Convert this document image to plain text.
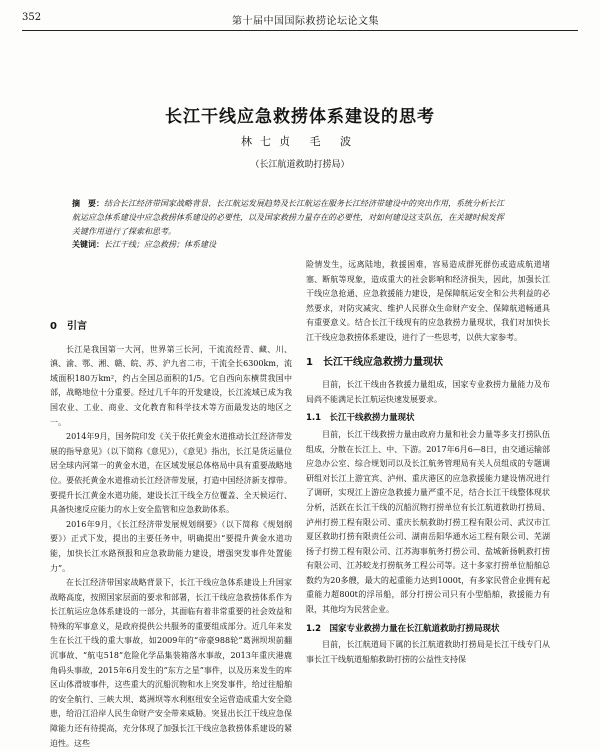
352	第十届中国国际救捞论坛论文集
长江干线应急救捞体系建设的思考
林七贞 毛 波
（长江航道救助打捞局）
摘　要：结合长江经济带国家战略背景、长江航运发展趋势及长江航运在服务长江经济带建设中的突出作用，系统分析长江航运应急体系建设中应急救捞体系建设的必要性，以及国家救捞力量存在的必要性，对如何建设这支队伍，在关键时候发挥关键作用进行了探索和思考。
关键词：长江干线；应急救捞；体系建设
0　引言

长江是我国第一大河，世界第三长河，干流流经青、藏、川、滇、渝、鄂、湘、赣、皖、苏、沪九省二市，干流全长6300km，流域面积180万km²，约占全国总面积的1/5。它自西向东横贯我国中部，战略地位十分重要。经过几千年的开发建设，长江流域已成为我国农业、工业、商业、文化教育和科学技术等方面最发达的地区之一。

2014年9月，国务院印发《关于依托黄金水道推动长江经济带发展的指导意见》（以下简称《意见》），《意见》指出，长江是货运量位居全球内河第一的黄金水道，在区域发展总体格局中具有重要战略地位。要依托黄金水道推动长江经济带发展，打造中国经济新支撑带。要提升长江黄金水道功能，建设长江干线全方位覆盖、全天候运行、具备快速反应能力的水上安全监管和应急救助体系。

2016年9月，《长江经济带发展规划纲要》（以下简称《规划纲要》）正式下发，提出的主要任务中，明确提出“要提升黄金水道功能，加快长江水路预报和应急救助能力建设，增强突发事件处置能力”。

在长江经济带国家战略背景下，长江干线应急体系建设上升国家战略高度，按照国家层面的要求和部署，长江干线应急救捞体系作为长江航运应急体系建设的一部分，其面临有着非常重要的社会效益和特殊的军事意义，是政府提供公共服务的重要组成部分。近几年来发生在长江干线的重大事故，如2009年的“帝豪988轮”葛洲坝坝前翻沉事故、“航屯518”危险化学品集装箱落水事故，2013年重庆港鹿角码头事故，2015年6月发生的“东方之星”事件，以及历来发生的库区山体滑坡事件，这些重大的沉船沉物和水上突发事件，给过往船舶的安全航行、三峡大坝、葛洲坝等水利枢纽安全运营造成重大安全隐患，给沿江沿岸人民生命财产安全带来威胁。突显出长江干线应急保障能力还有待提高，充分体现了加强长江干线应急救捞体系建设的紧迫性。这些

险情发生，远离陆地，救援困难，容易造成群死群伤或造成航道堵塞、断航等现象，造成重大的社会影响和经济损失，因此，加强长江干线应急抢通、应急救援能力建设，是保障航运安全和公共利益的必然要求，对防灾减灾、维护人民群众生命财产安全、保障航道畅通具有重要意义。结合长江干线现有的应急救捞力量现状，我们对加快长江干线应急救捞体系建设，进行了一些思考，以供大家参考。

1　长江干线应急救捞力量现状

目前，长江干线由各救援力量组成，国家专业救捞力量能力及布局尚不能满足长江航运快速发展要求。

1.1　长江干线救捞力量现状

目前，长江干线救捞力量由政府力量和社会力量等多支打捞队伍组成，分散在长江上、中、下游。2017年6月6—8日，由交通运输部应急办公室、综合规划司以及长江航务管理局有关人员组成的专题调研组对长江上游宜宾、泸州、重庆港区的应急救援能力建设情况进行了调研，实现江上游应急救援力量严重不足，结合长江干线整体现状分析，活跃在长江干线的沉船沉物打捞单位有长江航道救助打捞局、泸州打捞工程有限公司、重庆长航救助打捞工程有限公司、武汉市江夏区救助打捞有限责任公司、湖南岳阳华通水运工程有限公司、芜湖扬子打捞工程有限公司、江苏海事航务打捞公司、盐城新扬帆救打捞有限公司、江苏蛟龙打捞航务工程公司等。这十多家打捞单位船舶总数约为20多艘，最大的起重能力达到1000t，有多家民营企业拥有起重能力超800t的浮吊船，部分打捞公司只有小型船舶，救援能力有限，其他均为民营企业。

1.2　国家专业救捞力量在长江航道救助打捞局现状

目前，长江航道局下属的长江航道救助打捞局是长江干线专门从事长江干线航道船舶救助打捞的公益性支持保
